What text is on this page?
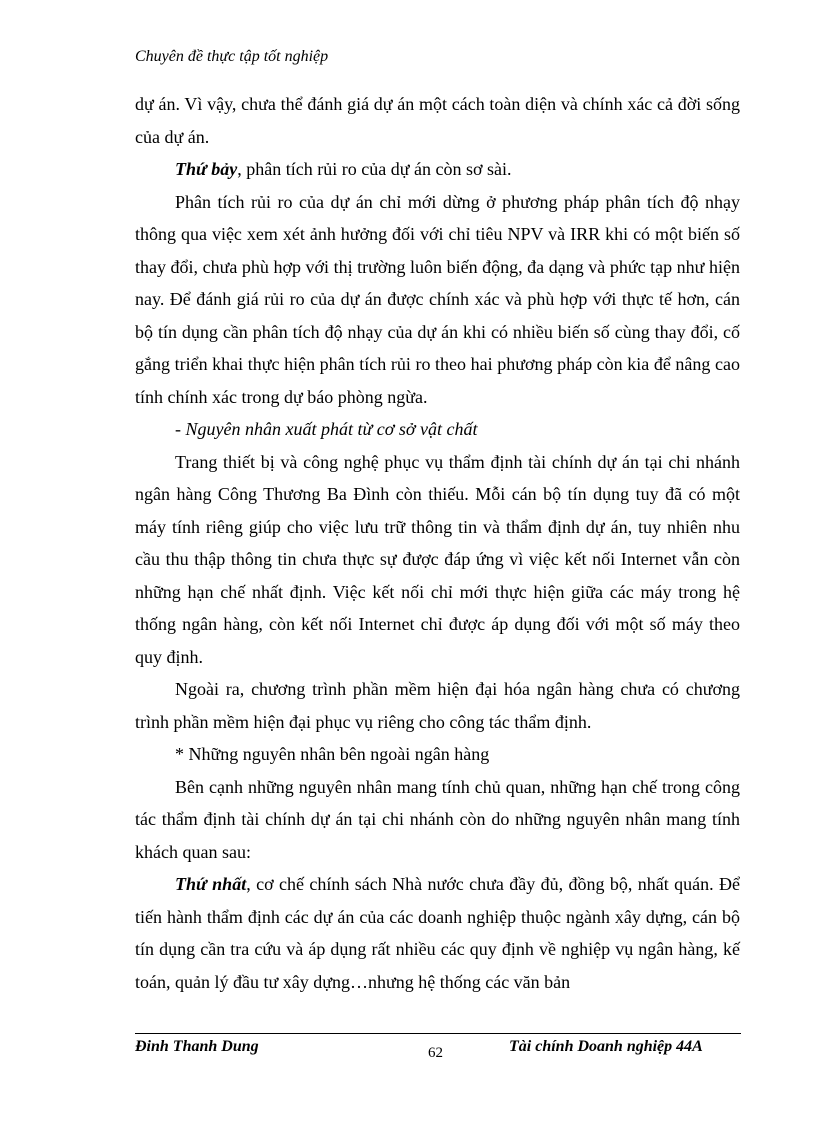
Chuyên đề thực tập tốt nghiệp

dự án. Vì vậy, chưa thể đánh giá dự án một cách toàn diện và chính xác cả đời sống của dự án.

Thứ bảy, phân tích rủi ro của dự án còn sơ sài.

Phân tích rủi ro của dự án chỉ mới dừng ở phương pháp phân tích độ nhạy thông qua việc xem xét ảnh hưởng đối với chỉ tiêu NPV và IRR khi có một biến số thay đổi, chưa phù hợp với thị trường luôn biến động, đa dạng và phức tạp như hiện nay. Để đánh giá rủi ro của dự án được chính xác và phù hợp với thực tế hơn, cán bộ tín dụng cần phân tích độ nhạy của dự án khi có nhiều biến số cùng thay đổi, cố gắng triển khai thực hiện phân tích rủi ro theo hai phương pháp còn kia để nâng cao tính chính xác trong dự báo phòng ngừa.

- Nguyên nhân xuất phát từ cơ sở vật chất

Trang thiết bị và công nghệ phục vụ thẩm định tài chính dự án tại chi nhánh ngân hàng Công Thương Ba Đình còn thiếu. Mỗi cán bộ tín dụng tuy đã có một máy tính riêng giúp cho việc lưu trữ thông tin và thẩm định dự án, tuy nhiên nhu cầu thu thập thông tin chưa thực sự được đáp ứng vì việc kết nối Internet vẫn còn những hạn chế nhất định. Việc kết nối chỉ mới thực hiện giữa các máy trong hệ thống ngân hàng, còn kết nối Internet chỉ được áp dụng đối với một số máy theo quy định.

Ngoài ra, chương trình phần mềm hiện đại hóa ngân hàng chưa có chương trình phần mềm hiện đại phục vụ riêng cho công tác thẩm định.

* Những nguyên nhân bên ngoài ngân hàng

Bên cạnh những nguyên nhân mang tính chủ quan, những hạn chế trong công tác thẩm định tài chính dự án tại chi nhánh còn do những nguyên nhân mang tính khách quan sau:

Thứ nhất, cơ chế chính sách Nhà nước chưa đầy đủ, đồng bộ, nhất quán. Để tiến hành thẩm định các dự án của các doanh nghiệp thuộc ngành xây dựng, cán bộ tín dụng cần tra cứu và áp dụng rất nhiều các quy định về nghiệp vụ ngân hàng, kế toán, quản lý đầu tư xây dựng…nhưng hệ thống các văn bản

Đinh Thanh Dung	62	Tài chính Doanh nghiệp 44A
